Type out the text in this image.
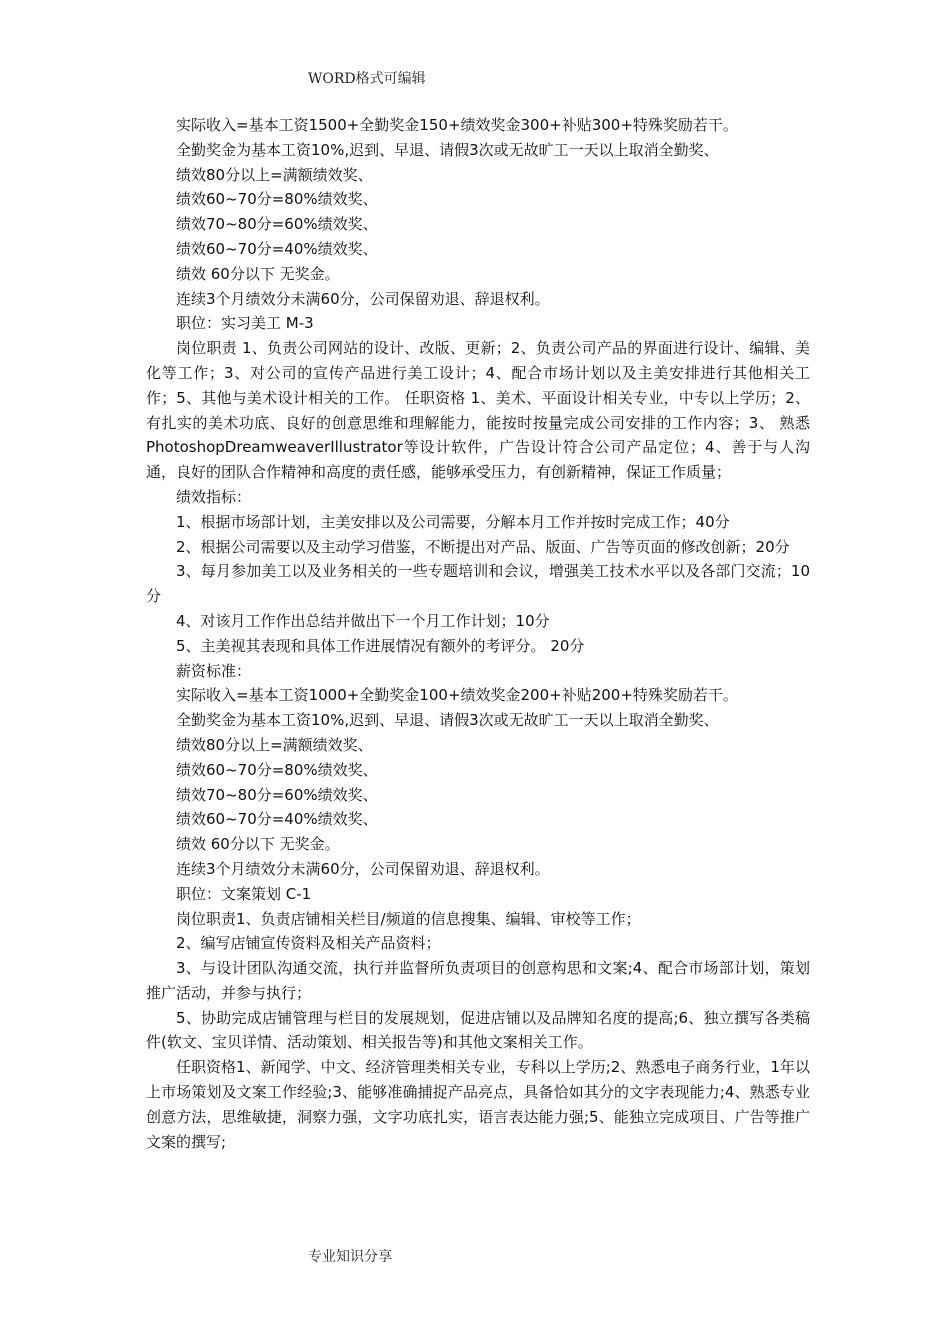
WORD格式可编辑

实际收入=基本工资1500+全勤奖金150+绩效奖金300+补贴300+特殊奖励若干。

全勤奖金为基本工资10%,迟到、早退、请假3次或无故旷工一天以上取消全勤奖、

绩效80分以上=满额绩效奖、

绩效60~70分=80%绩效奖、

绩效70~80分=60%绩效奖、

绩效60~70分=40%绩效奖、

绩效 60分以下 无奖金。

连续3个月绩效分未满60分，公司保留劝退、辞退权利。

职位：实习美工 M-3

岗位职责 1、负责公司网站的设计、改版、更新；2、负责公司产品的界面进行设计、编辑、美化等工作；3、对公司的宣传产品进行美工设计；4、配合市场计划以及主美安排进行其他相关工作；5、其他与美术设计相关的工作。 任职资格 1、美术、平面设计相关专业，中专以上学历；2、有扎实的美术功底、良好的创意思维和理解能力，能按时按量完成公司安排的工作内容；3、 熟悉PhotoshopDreamweaverIllustrator等设计软件，广告设计符合公司产品定位；4、善于与人沟通，良好的团队合作精神和高度的责任感，能够承受压力，有创新精神，保证工作质量；

绩效指标：

1、根据市场部计划，主美安排以及公司需要，分解本月工作并按时完成工作；40分

2、根据公司需要以及主动学习借鉴，不断提出对产品、版面、广告等页面的修改创新；20分

3、每月参加美工以及业务相关的一些专题培训和会议，增强美工技术水平以及各部门交流；10分

4、对该月工作作出总结并做出下一个月工作计划；10分

5、主美视其表现和具体工作进展情况有额外的考评分。 20分

薪资标准：

实际收入=基本工资1000+全勤奖金100+绩效奖金200+补贴200+特殊奖励若干。

全勤奖金为基本工资10%,迟到、早退、请假3次或无故旷工一天以上取消全勤奖、

绩效80分以上=满额绩效奖、

绩效60~70分=80%绩效奖、

绩效70~80分=60%绩效奖、

绩效60~70分=40%绩效奖、

绩效 60分以下 无奖金。

连续3个月绩效分未满60分，公司保留劝退、辞退权利。

职位：文案策划 C-1

岗位职责1、负责店铺相关栏目/频道的信息搜集、编辑、审校等工作；

2、编写店铺宣传资料及相关产品资料；

3、与设计团队沟通交流，执行并监督所负责项目的创意构思和文案;4、配合市场部计划，策划推广活动，并参与执行；

5、协助完成店铺管理与栏目的发展规划，促进店铺以及品牌知名度的提高;6、独立撰写各类稿件(软文、宝贝详情、活动策划、相关报告等)和其他文案相关工作。

任职资格1、新闻学、中文、经济管理类相关专业，专科以上学历;2、熟悉电子商务行业，1年以上市场策划及文案工作经验;3、能够准确捕捉产品亮点，具备恰如其分的文字表现能力;4、熟悉专业创意方法，思维敏捷，洞察力强，文字功底扎实，语言表达能力强;5、能独立完成项目、广告等推广文案的撰写;

专业知识分享
